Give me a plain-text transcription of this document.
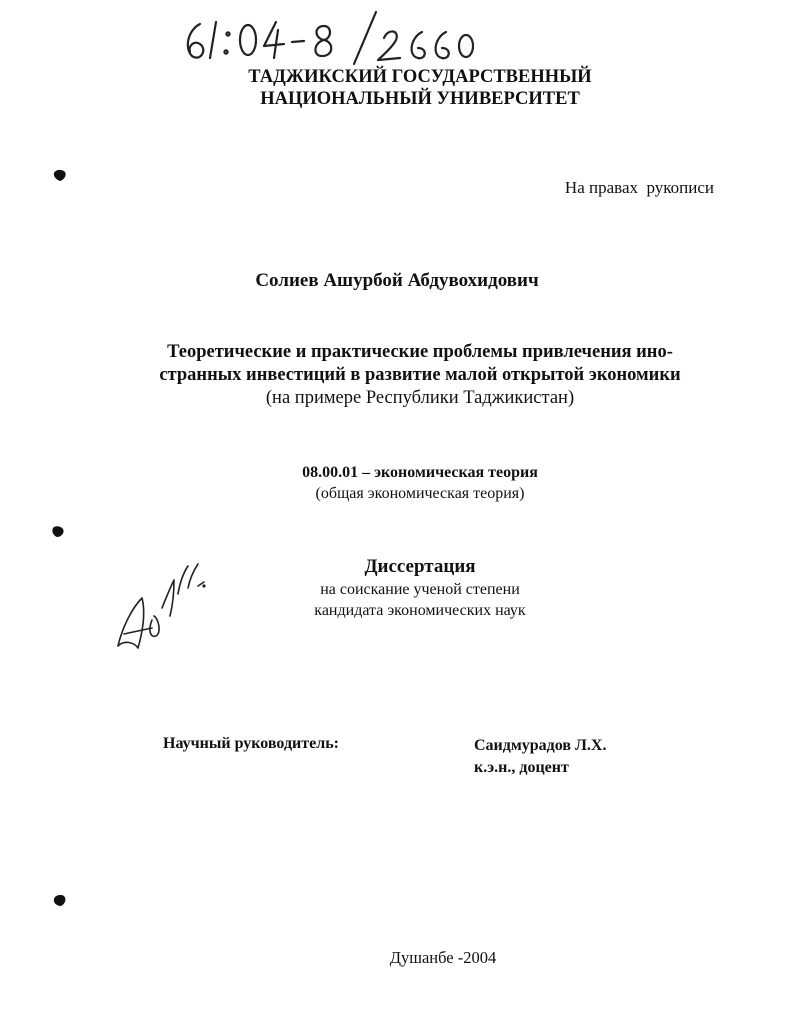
ТАДЖИКСКИЙ ГОСУДАРСТВЕННЫЙ
НАЦИОНАЛЬНЫЙ УНИВЕРСИТЕТ
На правах  рукописи
Солиев Ашурбой Абдувохидович
Теоретические и практические проблемы привлечения ино-
странных инвестиций в развитие малой открытой экономики
(на примере Республики Таджикистан)
08.00.01 – экономическая теория
(общая экономическая теория)
Диссертация
на соискание ученой степени
кандидата экономических наук
Научный руководитель:	Саидмурадов Л.Х.
к.э.н., доцент
Душанбе -2004
